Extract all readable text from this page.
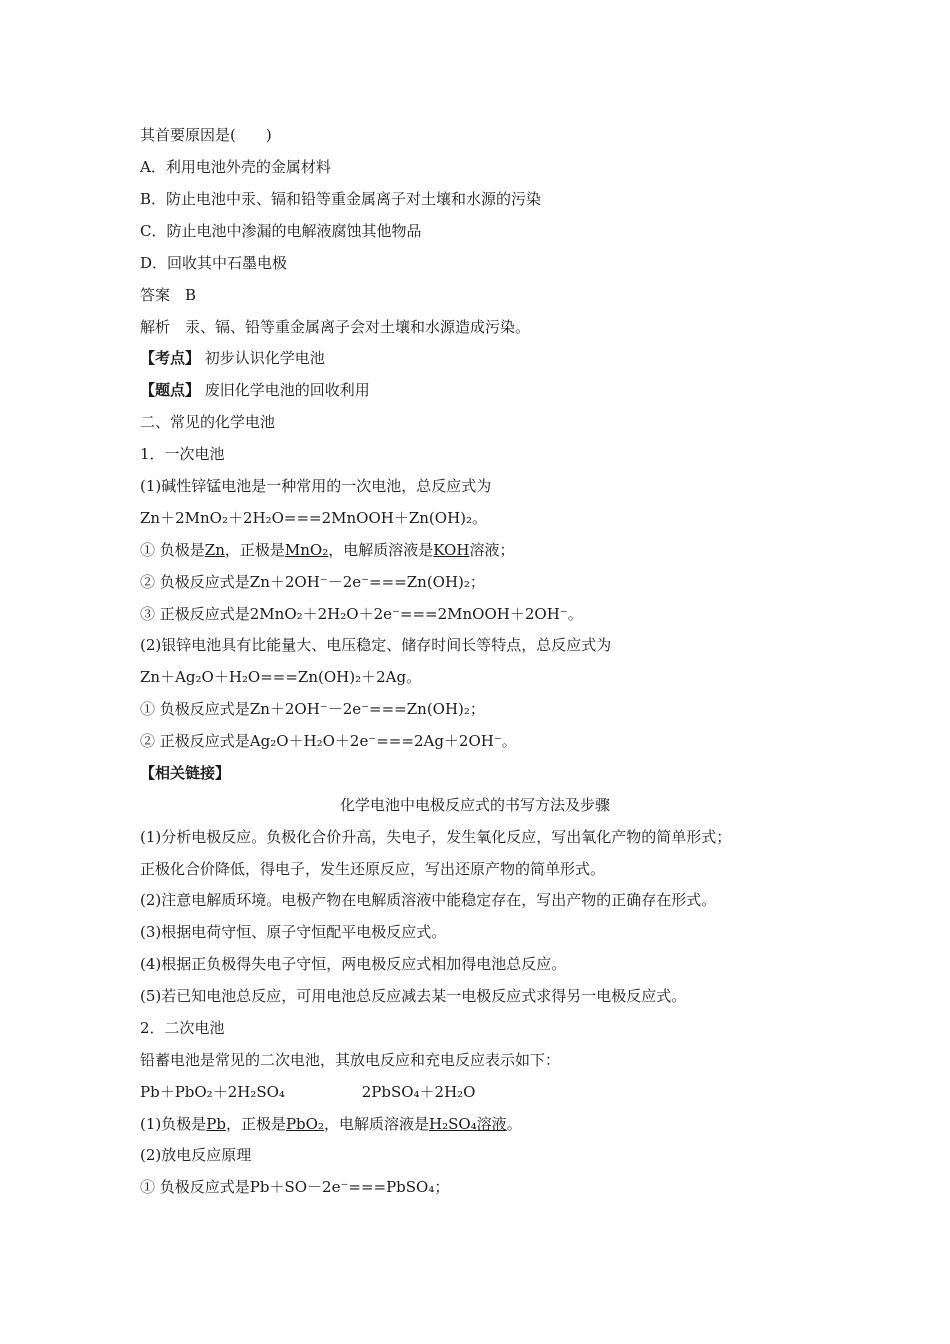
其首要原因是(　　)
A．利用电池外壳的金属材料
B．防止电池中汞、镉和铅等重金属离子对土壤和水源的污染
C．防止电池中渗漏的电解液腐蚀其他物品
D．回收其中石墨电极
答案　B
解析　汞、镉、铅等重金属离子会对土壤和水源造成污染。
【考点】 初步认识化学电池
【题点】 废旧化学电池的回收利用
二、常见的化学电池
1．一次电池
(1)碱性锌锰电池是一种常用的一次电池，总反应式为
Zn＋2MnO₂＋2H₂O===2MnOOH＋Zn(OH)₂。
① 负极是Zn，正极是MnO₂，电解质溶液是KOH溶液；
② 负极反应式是Zn＋2OH⁻－2e⁻===Zn(OH)₂；
③ 正极反应式是2MnO₂＋2H₂O＋2e⁻===2MnOOH＋2OH⁻。
(2)银锌电池具有比能量大、电压稳定、储存时间长等特点，总反应式为
Zn＋Ag₂O＋H₂O===Zn(OH)₂＋2Ag。
① 负极反应式是Zn＋2OH⁻－2e⁻===Zn(OH)₂；
② 正极反应式是Ag₂O＋H₂O＋2e⁻===2Ag＋2OH⁻。
【相关链接】
化学电池中电极反应式的书写方法及步骤
(1)分析电极反应。负极化合价升高，失电子，发生氧化反应，写出氧化产物的简单形式；
正极化合价降低，得电子，发生还原反应，写出还原产物的简单形式。
(2)注意电解质环境。电极产物在电解质溶液中能稳定存在，写出产物的正确存在形式。
(3)根据电荷守恒、原子守恒配平电极反应式。
(4)根据正负极得失电子守恒，两电极反应式相加得电池总反应。
(5)若已知电池总反应，可用电池总反应减去某一电极反应式求得另一电极反应式。
2．二次电池
铅蓄电池是常见的二次电池，其放电反应和充电反应表示如下：
Pb＋PbO₂＋2H₂SO₄	2PbSO₄＋2H₂O
(1)负极是Pb，正极是PbO₂，电解质溶液是H₂SO₄溶液。
(2)放电反应原理
① 负极反应式是Pb＋SO－2e⁻===PbSO₄；
